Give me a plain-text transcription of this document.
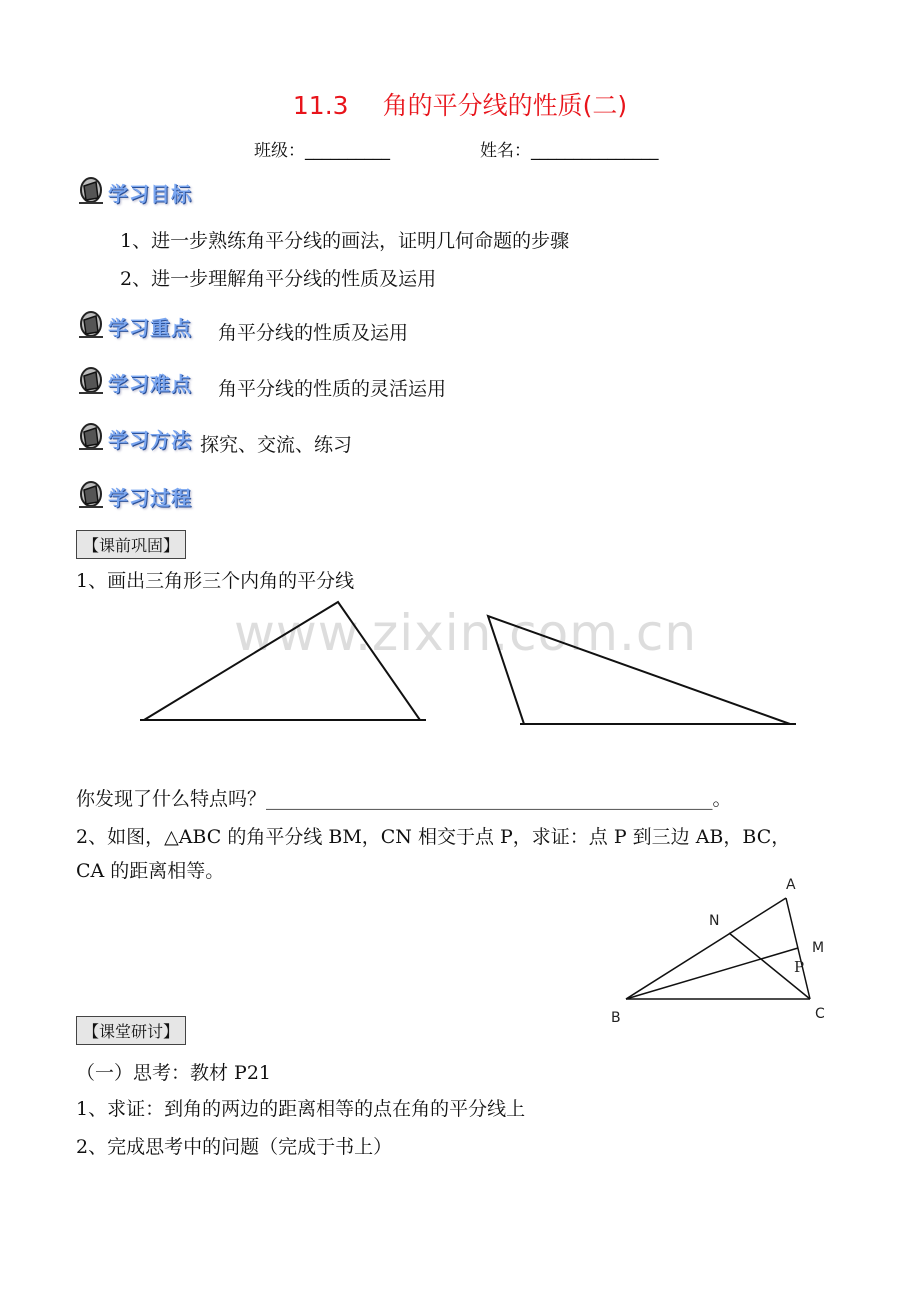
11.3 角的平分线的性质(二)
班级：__________	姓名：_______________
学习目标
1、进一步熟练角平分线的画法，证明几何命题的步骤
2、进一步理解角平分线的性质及运用
学习重点 角平分线的性质及运用
学习难点 角平分线的性质的灵活运用
学习方法 探究、交流、练习
学习过程
【课前巩固】
1、画出三角形三个内角的平分线
www.zixin.com.cn
你发现了什么特点吗？_______________________________________________。
2、如图，△ABC 的角平分线 BM，CN 相交于点 P，求证：点 P 到三边 AB，BC，
CA 的距离相等。
A
B	C
N
M
P
【课堂研讨】
（一）思考：教材 P21
1、求证：到角的两边的距离相等的点在角的平分线上
2、完成思考中的问题（完成于书上）
